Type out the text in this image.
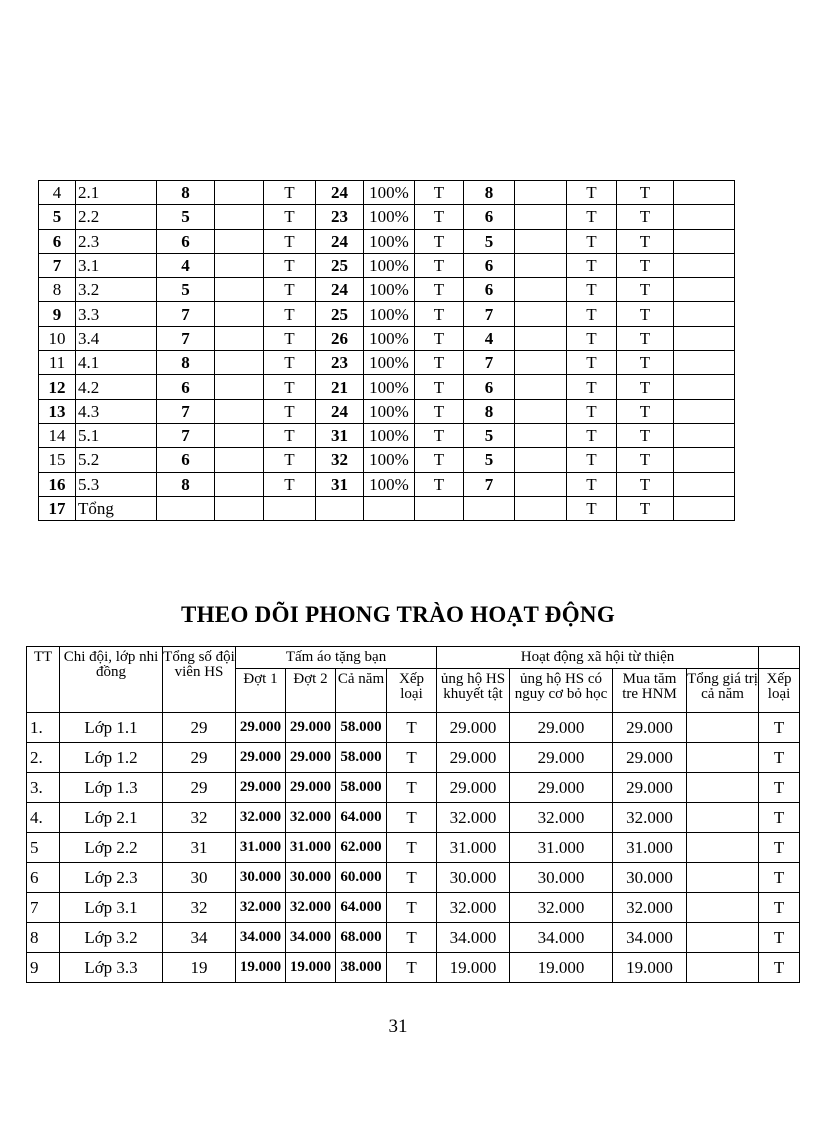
4	2.1	8		T	24	100%	T	8		T	T	
5	2.2	5		T	23	100%	T	6		T	T	
6	2.3	6		T	24	100%	T	5		T	T	
7	3.1	4		T	25	100%	T	6		T	T	
8	3.2	5		T	24	100%	T	6		T	T	
9	3.3	7		T	25	100%	T	7		T	T	
10	3.4	7		T	26	100%	T	4		T	T	
11	4.1	8		T	23	100%	T	7		T	T	
12	4.2	6		T	21	100%	T	6		T	T	
13	4.3	7		T	24	100%	T	8		T	T	
14	5.1	7		T	31	100%	T	5		T	T	
15	5.2	6		T	32	100%	T	5		T	T	
16	5.3	8		T	31	100%	T	7		T	T	
17	Tổng									T	T	
THEO DÕI PHONG TRÀO HOẠT ĐỘNG
TT	Chi đội, lớp nhi đồng	Tổng số đội viên HS	Tấm áo tặng bạn				Hoạt động xã hội từ thiện				
			Đợt 1	Đợt 2	Cả năm	Xếp loại	ủng hộ HS khuyết tật	ủng hộ HS có nguy cơ bỏ học	Mua tăm tre HNM	Tổng giá trị cả năm	Xếp loại
1.	Lớp 1.1	29	29.000	29.000	58.000	T	29.000	29.000	29.000		T
2.	Lớp 1.2	29	29.000	29.000	58.000	T	29.000	29.000	29.000		T
3.	Lớp 1.3	29	29.000	29.000	58.000	T	29.000	29.000	29.000		T
4.	Lớp 2.1	32	32.000	32.000	64.000	T	32.000	32.000	32.000		T
5	Lớp 2.2	31	31.000	31.000	62.000	T	31.000	31.000	31.000		T
6	Lớp 2.3	30	30.000	30.000	60.000	T	30.000	30.000	30.000		T
7	Lớp 3.1	32	32.000	32.000	64.000	T	32.000	32.000	32.000		T
8	Lớp 3.2	34	34.000	34.000	68.000	T	34.000	34.000	34.000		T
9	Lớp 3.3	19	19.000	19.000	38.000	T	19.000	19.000	19.000		T
31
